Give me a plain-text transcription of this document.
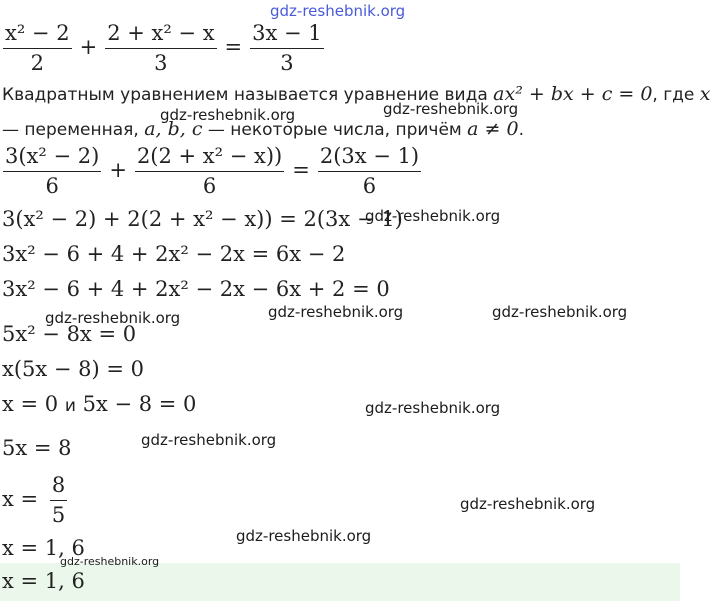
gdz-reshebnik.org
$\frac{\text{x² − 2}}{2} + \frac{\text{2 + x² − x}}{3} = \frac{3x - 1}{3}$
Квадратным уравнением называется уравнение вида ax² + bx + c = 0, где x
— переменная, a, b, c — некоторые числа, причём a ≠ 0.
$\frac{\text{3(x² − 2)}}{6} + \frac{\text{2(2 + x² − x))}}{6} = \frac{2(3x - 1)}{6}$
3(x² − 2) + 2(2 + x² − x)) = 2(3x − 1)
3x² − 6 + 4 + 2x² − 2x = 6x − 2
3x² − 6 + 4 + 2x² − 2x − 6x + 2 = 0
5x² − 8x = 0
x(5x − 8) = 0
x = 0 и 5x − 8 = 0
5x = 8
$x = \frac{8}{5}$
x = 1, 6
x = 1, 6
gdz-reshebnik.org	gdz-reshebnik.org
gdz-reshebnik.org
gdz-reshebnik.org	gdz-reshebnik.org	gdz-reshebnik.org
gdz-reshebnik.org
gdz-reshebnik.org
gdz-reshebnik.org
gdz-reshebnik.org
gdz-reshebnik.org
